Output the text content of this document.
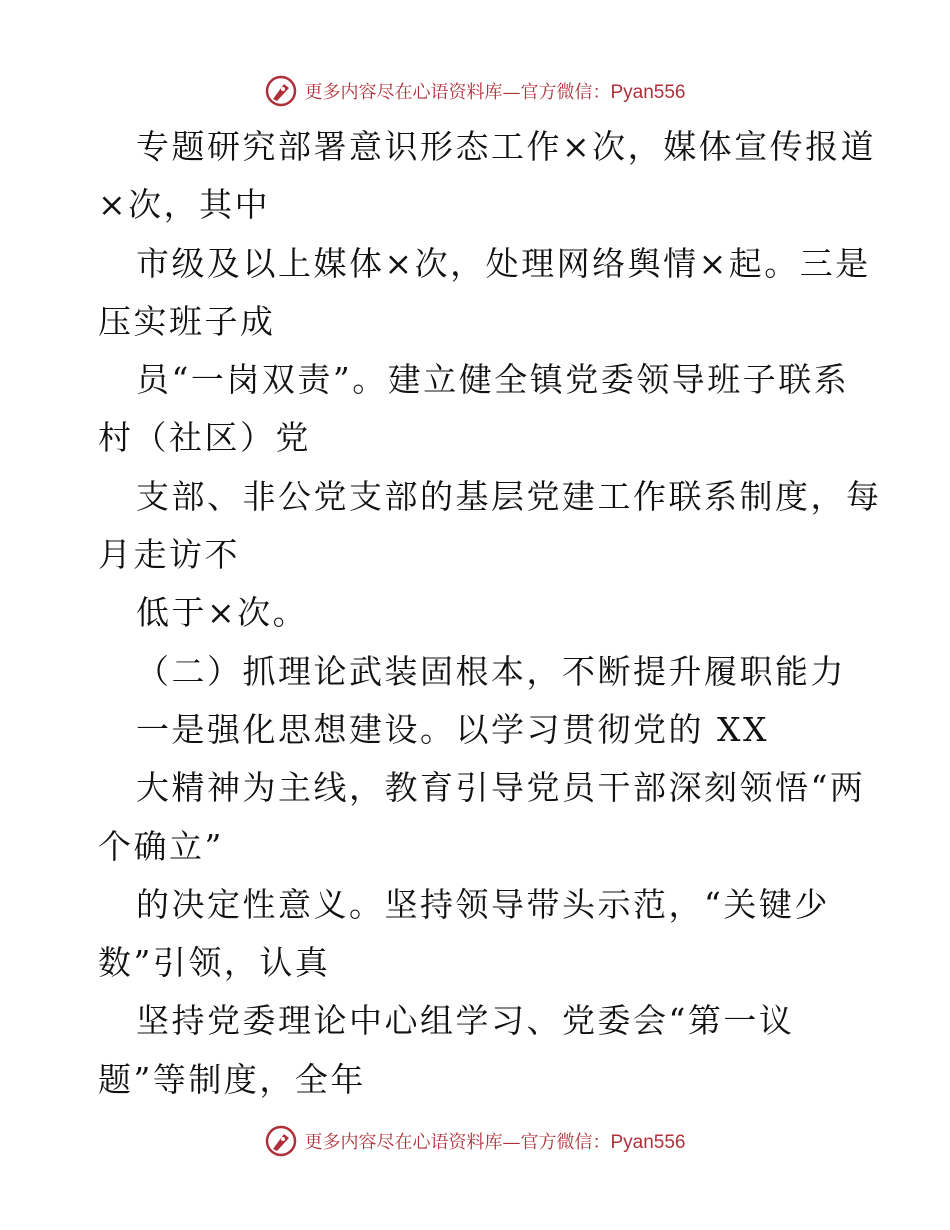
更多内容尽在心语资料库—官方微信：Pyan556
专题研究部署意识形态工作×次，媒体宣传报道
×次，其中
市级及以上媒体×次，处理网络舆情×起。三是
压实班子成
员“一岗双责”。建立健全镇党委领导班子联系
村（社区）党
支部、非公党支部的基层党建工作联系制度，每
月走访不
低于×次。
（二）抓理论武装固根本，不断提升履职能力
一是强化思想建设。以学习贯彻党的 XX
大精神为主线，教育引导党员干部深刻领悟“两
个确立”
的决定性意义。坚持领导带头示范，“关键少
数”引领，认真
坚持党委理论中心组学习、党委会“第一议
题”等制度，全年
更多内容尽在心语资料库—官方微信：Pyan556
